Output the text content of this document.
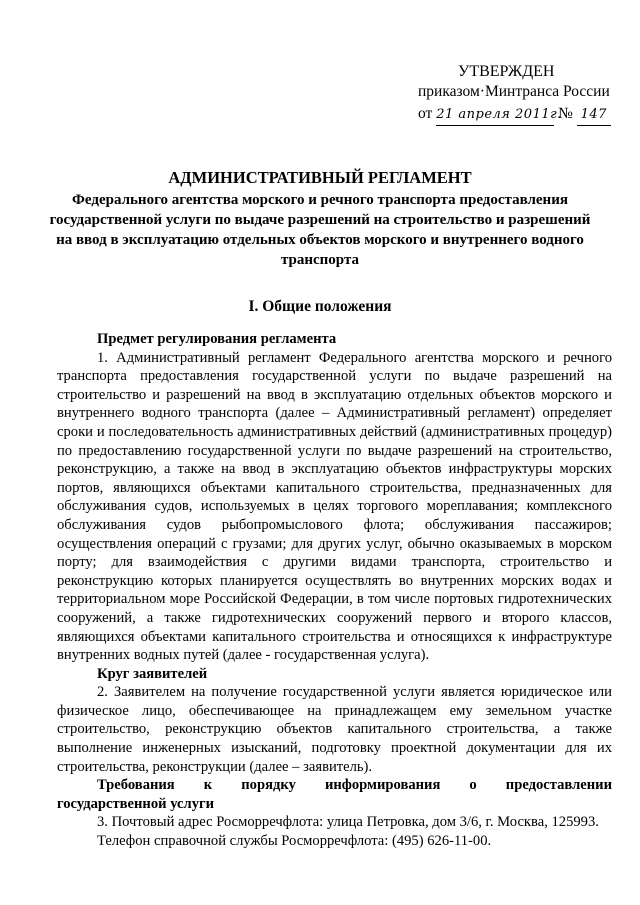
УТВЕРЖДЕН
приказом·Минтранса России
от 21 апреля 2011г. № 147
АДМИНИСТРАТИВНЫЙ РЕГЛАМЕНТ
Федерального агентства морского и речного транспорта предоставления государственной услуги по выдаче разрешений на строительство и разрешений на ввод в эксплуатацию отдельных объектов морского и внутреннего водного транспорта
I. Общие положения
Предмет регулирования регламента

1. Административный регламент Федерального агентства морского и речного транспорта предоставления государственной услуги по выдаче разрешений на строительство и разрешений на ввод в эксплуатацию отдельных объектов морского и внутреннего водного транспорта (далее – Административный регламент) определяет сроки и последовательность административных действий (административных процедур) по предоставлению государственной услуги по выдаче разрешений на строительство, реконструкцию, а также на ввод в эксплуатацию объектов инфраструктуры морских портов, являющихся объектами капитального строительства, предназначенных для обслуживания судов, используемых в целях торгового мореплавания; комплексного обслуживания судов рыбопромыслового флота; обслуживания пассажиров; осуществления операций с грузами; для других услуг, обычно оказываемых в морском порту; для взаимодействия с другими видами транспорта, строительство и реконструкцию которых планируется осуществлять во внутренних морских водах и территориальном море Российской Федерации, в том числе портовых гидротехнических сооружений, а также гидротехнических сооружений первого и второго классов, являющихся объектами капитального строительства и относящихся к инфраструктуре внутренних водных путей (далее - государственная услуга).

Круг заявителей

2. Заявителем на получение государственной услуги является юридическое или физическое лицо, обеспечивающее на принадлежащем ему земельном участке строительство, реконструкцию объектов капитального строительства, а также выполнение инженерных изысканий, подготовку проектной документации для их строительства, реконструкции (далее – заявитель).

Требования к порядку информирования о предоставлении
государственной услуги

3. Почтовый адрес Росморречфлота: улица Петровка, дом 3/6, г. Москва, 125993.

Телефон справочной службы Росморречфлота: (495) 626-11-00.
